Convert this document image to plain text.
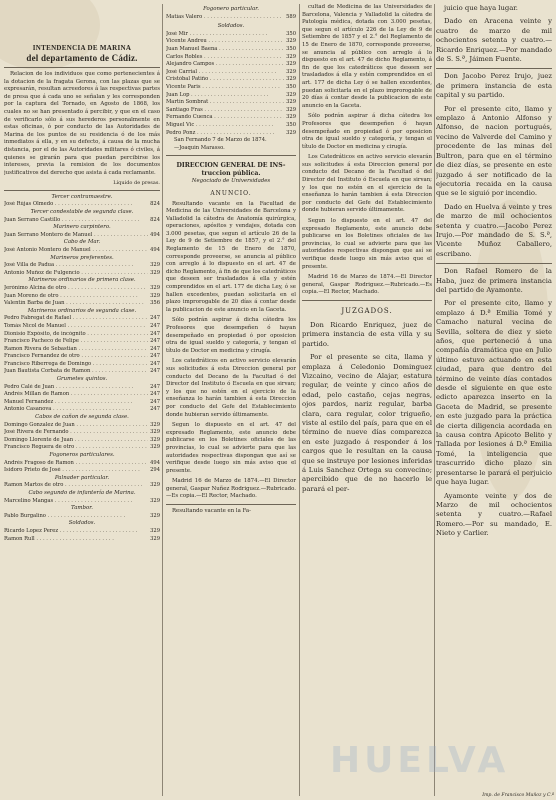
INTENDENCIA DE MARINA
del departamento de Cádiz.

Relacion de los individuos que como pertenecientes á la dotacion de la fragata Gerona, con las plazas que se expresarán, resultan acreedores á las respectivas partes de presa que á cada uno se señalan y les corresponden por la captura del Tornado, en Agosto de 1868, los cuales no se han presentado á percibir, y que en el caso de verificarlo sólo á sus herederos personalmente en estas oficinas, ó por conducto de las Autoridades de Marina de los puntos de su residencia ó de los más inmediatos á ella, y en su defecto, á causa de la mucha distancia, por el de las Autoridades militares ó civiles, á quienes se girarán para que puedan percibirse los intereses, previa la remision de los documentos justificativos del derecho que asista á cada reclamante.

Líquido de presas.
Tercer contramaestre.
José Rújas Olmedo . . .	824
Tercer condestable de segunda clase.
Juan Serrano Castillo . . .	824
Marinero carpintero.
Juan Serrano Montero de Manuel . . .	494
Cabo de Mar.
José Antonio Montero de Manuel . . .	494
Marineros preferentes.
José Villa de Padua . . .	329
Antonio Muñoz de Fulgencio . . .	329
Marineros ordinarios de primera clase.
Jerónimo Alcina de otro . . .	329
Juan Moreno de otro . . .	329
Valentín Barba de Juan . . .	356
Marineros ordinarios de segunda clase.
Pedro Fabregat de Rafael . . .	247
Tomás Nicol de Manuel . . .	247
Dionisio Expósito, de incógnito . . .	247
Francisco Pacheco de Felipe . . .	247
Ramon Rivera de Sebastian . . .	247
Francisco Fernandez de otro . . .	247
Francisco Riberrega de Domingo . . .	247
Juan Bautista Corbata de Ramon . . .	247
Grumetes quintos.
Pedro Calé de Juan . . .	247
Andrés Millan de Ramon . . .	247
Manuel Fernandez . . .	247
Antonio Casanova . . .	247
Cabos de cañon de segunda clase.
Domingo Gonzalez de Juan . . .	329
José Rivera de Fernando . . .	329
Domingo Llorente de Juan . . .	329
Francisco Reguera de otro . . .	329
Fogoneros particulares.
Andrés Fragoso de Ramon . . .	494
Isidoro Prieto de José . . .	294
Palnader particular.
Ramon Martos de otro . . .	329
Cabo segundo de infantería de Marina.
Marcelino Mangas . . .	329
Tambor.
Pablo Burgalino . . .	329
Soldados.
Ricardo Lopez Perez . . .	329
Ramon Rull . . .	329
Fogonero particular.
Matías Valero . . .	589
Soldados.
José Mir . . .	350
Vicente Andreu . . .	329
Juan Manuel Baena . . .	350
Carlos Robles . . .	329
Alejandro Campos . . .	329
José Carrial . . .	329
Cristóbal Patiño . . .	329
Vicente Paris . . .	350
Juan Lop . . .	329
Martín Sombrat . . .	329
Santiago Fras . . .	329
Fernando Cuenca . . .	329
Miguel Vic . . .	350
Pedro Ponz . . .	329
San Fernando 7 de Marzo de 1874.
—Joaquin Marasso.
DIRECCION GENERAL DE INS-
truccion pública.
Negociado de Universidades
ANUNCIO.

Resultando vacante en la Facultad de Medicina de las Universidades de Barcelona y Valladolid la cátedra de Anatomía quirúrgica, operaciones, apósitos y vendajes, dotada con 3.000 pesetas, que segun el artículo 26 de la Ley de 9 de Setiembre de 1857, y el 2.° del Reglamento de 15 de Enero de 1870, corresponde proveerse, se anuncia al público con arreglo á lo dispuesto en el art. 47 de dicho Reglamento, á fin de que los catedráticos que deseen ser trasladados á ella y estén comprendidos en el art. 177 de dicha Ley, ó se hallen excedentes, puedan solicitarla en el plazo improrogable de 20 días á contar desde la publicacion de este anuncio en la Gaceta.

Sólo podrán aspirar á dicha cátedra los Profesores que desempeñen ó hayan desempeñado en propiedad ó por oposicion otra de igual sueldo y categoría, y tengan el título de Doctor en medicina y cirugía.

Los catedráticos en activo servicio elevarán sus solicitudes á esta Direccion general por conducto del Decano de la Facultad ó del Director del Instituto ó Escuela en que sirvan; y los que no estén en el ejercicio de la enseñanza lo harán tambien á esta Direccion por conducto del Gefe del Establecimiento donde hubieran servido últimamente.

Segun lo dispuesto en el art. 47 del expresado Reglamento, este anuncio debe publicarse en los Boletines oficiales de las provincias, lo cual se advierte para que las autoridades respectivas dispongan que así se verifique desde luego sin más aviso que el presente.

Madrid 16 de Marzo de 1874.—El Director general, Gaspar Nuñez Rodriguez.—Rubricado.—Es copia.—El Rector, Machado.

Resultando vacante en la Fa-

cultad de Medicina de las Universidades de Barcelona, Valencia y Valladolid la cátedra de Patología médica, dotada con 3.000 pesetas, que segun el artículo 226 de la Ley de 9 de Setiembre de 1857 y el 2.° del Reglamento de 15 de Enero de 1870, corresponde proveerse, se anuncia al público con arreglo á lo dispuesto en el art. 47 de dicho Reglamento, á fin de que los catedráticos que deseen ser trasladados á ella y estén comprendidos en el art. 177 de dicha Ley ó se hallen excedentes, puedan solicitarla en el plazo improrogable de 20 días á contar desde la publicacion de este anuncio en la Gaceta.

Sólo podrán aspirar á dicha cátedra los Profesores que desempeñen ó hayan desempeñado en propiedad ó por oposicion otra de igual sueldo y categoría, y tengan el título de Doctor en medicina y cirugía.

Los Catedráticos en activo servicio elevarán sus solicitudes á esta Direccion general por conducto del Decano de la Facultad ó del Director del Instituto ó Escuela en que sirvan; y los que no estén en el ejercicio de la enseñanza lo harán tambien á esta Direccion por conducto del Gefe del Establecimiento donde hubieran servido últimamente.

Segun lo dispuesto en el art. 47 del expresado Reglamento, este anuncio debe publicarse en los Boletines oficiales de las provincias, lo cual se advierte para que las autoridades respectivas dispongan que así se verifique desde luego sin más aviso que el presente.

Madrid 16 de Marzo de 1874.—El Director general, Gaspar Rodriguez.—Rubricado.—Es copia.—El Rector, Machado.

JUZGADOS.

Don Ricardo Enriquez, juez de primera instancia de esta villa y su partido.

Por el presente se cita, llama y emplaza á Celedonio Dominguez Vizcaino, vecino de Alajar, estatura regular, de veinte y cinco años de edad, pelo castaño, cejas negras, ojos pardos, nariz regular, barba clara, cara regular, color trigueño, viste al estilo del país, para que en el término de nueve días comparezca en este juzgado á responder á los cargos que le resultan en la causa que se instruye por lesiones inferidas á Luis Sanchez Ortega su convecino; apercibido que de no hacerlo le parará el per-

juicio que haya lugar.

Dado en Aracena veinte y cuatro de marzo de mil ochocientos setenta y cuatro.—Ricardo Enriquez.—Por mandado de S. S.ª, Jáimen Fuente.

Don Jacobo Perez Irujo, juez de primera instancia de esta capital y su partido.

Por el presente cito, llamo y emplazo á Antonio Alfonso y Alfonso, de nacion portugués, vecino de Valverde del Camino y procedente de las minas del Bultron, para que en el término de diez días, se presente en este juzgado á ser notificado de la ejecutoria recaida en la causa que se le siguió por incendio.

Dado en Huelva á veinte y tres de marzo de mil ochocientos setenta y cuatro.—Jacobo Perez Irujo.—Por mandado de S. S.ª, Vicente Muñoz Caballero, escribano.

Don Rafael Romero de la Haba, juez de primera instancia del partido de Ayamonte.

Por el presente cito, llamo y emplazo á D.ª Emilia Tomé y Camacho natural vecina de Sevilla, soltera de diez y siete años, que perteneció á una compañía dramática que en Julio último estuvo actuando en esta ciudad, para que dentro del término de veinte días contados desde el siguiente en que este edicto aparezca inserto en la Gaceta de Madrid, se presente en este juzgado para la práctica de cierta diligencia acordada en la causa contra Apicoto Belito y Tallada por lesiones á D.ª Emilia Tomé, la inteligencia que trascurrido dicho plazo sin presentarse le parará el perjuicio que haya lugar.

Ayamonte veinte y dos de Marzo de mil ochocientos setenta y cuatro.—Rafael Romero.—Por su mandado, E. Nieto y Carlier.

Imp. de Francisco Muñoz y C.ª
HUELVA
